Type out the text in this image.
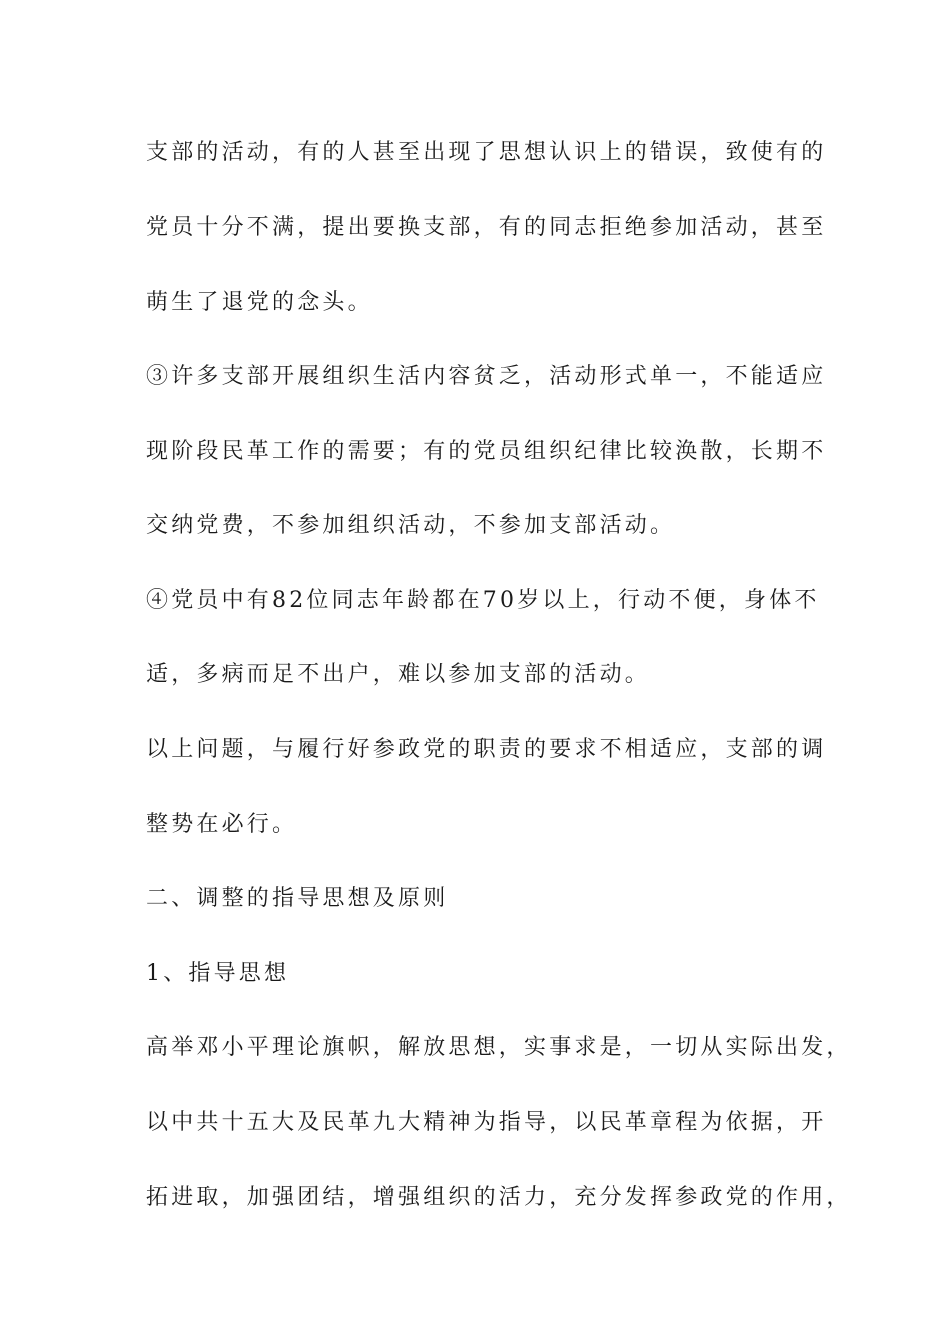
支部的活动，有的人甚至出现了思想认识上的错误，致使有的
党员十分不满，提出要换支部，有的同志拒绝参加活动，甚至
萌生了退党的念头。
③许多支部开展组织生活内容贫乏，活动形式单一，不能适应
现阶段民革工作的需要；有的党员组织纪律比较涣散，长期不
交纳党费，不参加组织活动，不参加支部活动。
④党员中有82位同志年龄都在70岁以上，行动不便，身体不
适，多病而足不出户，难以参加支部的活动。
以上问题，与履行好参政党的职责的要求不相适应，支部的调
整势在必行。
二、调整的指导思想及原则
1、指导思想
高举邓小平理论旗帜，解放思想，实事求是，一切从实际出发，
以中共十五大及民革九大精神为指导，以民革章程为依据，开
拓进取，加强团结，增强组织的活力，充分发挥参政党的作用，
